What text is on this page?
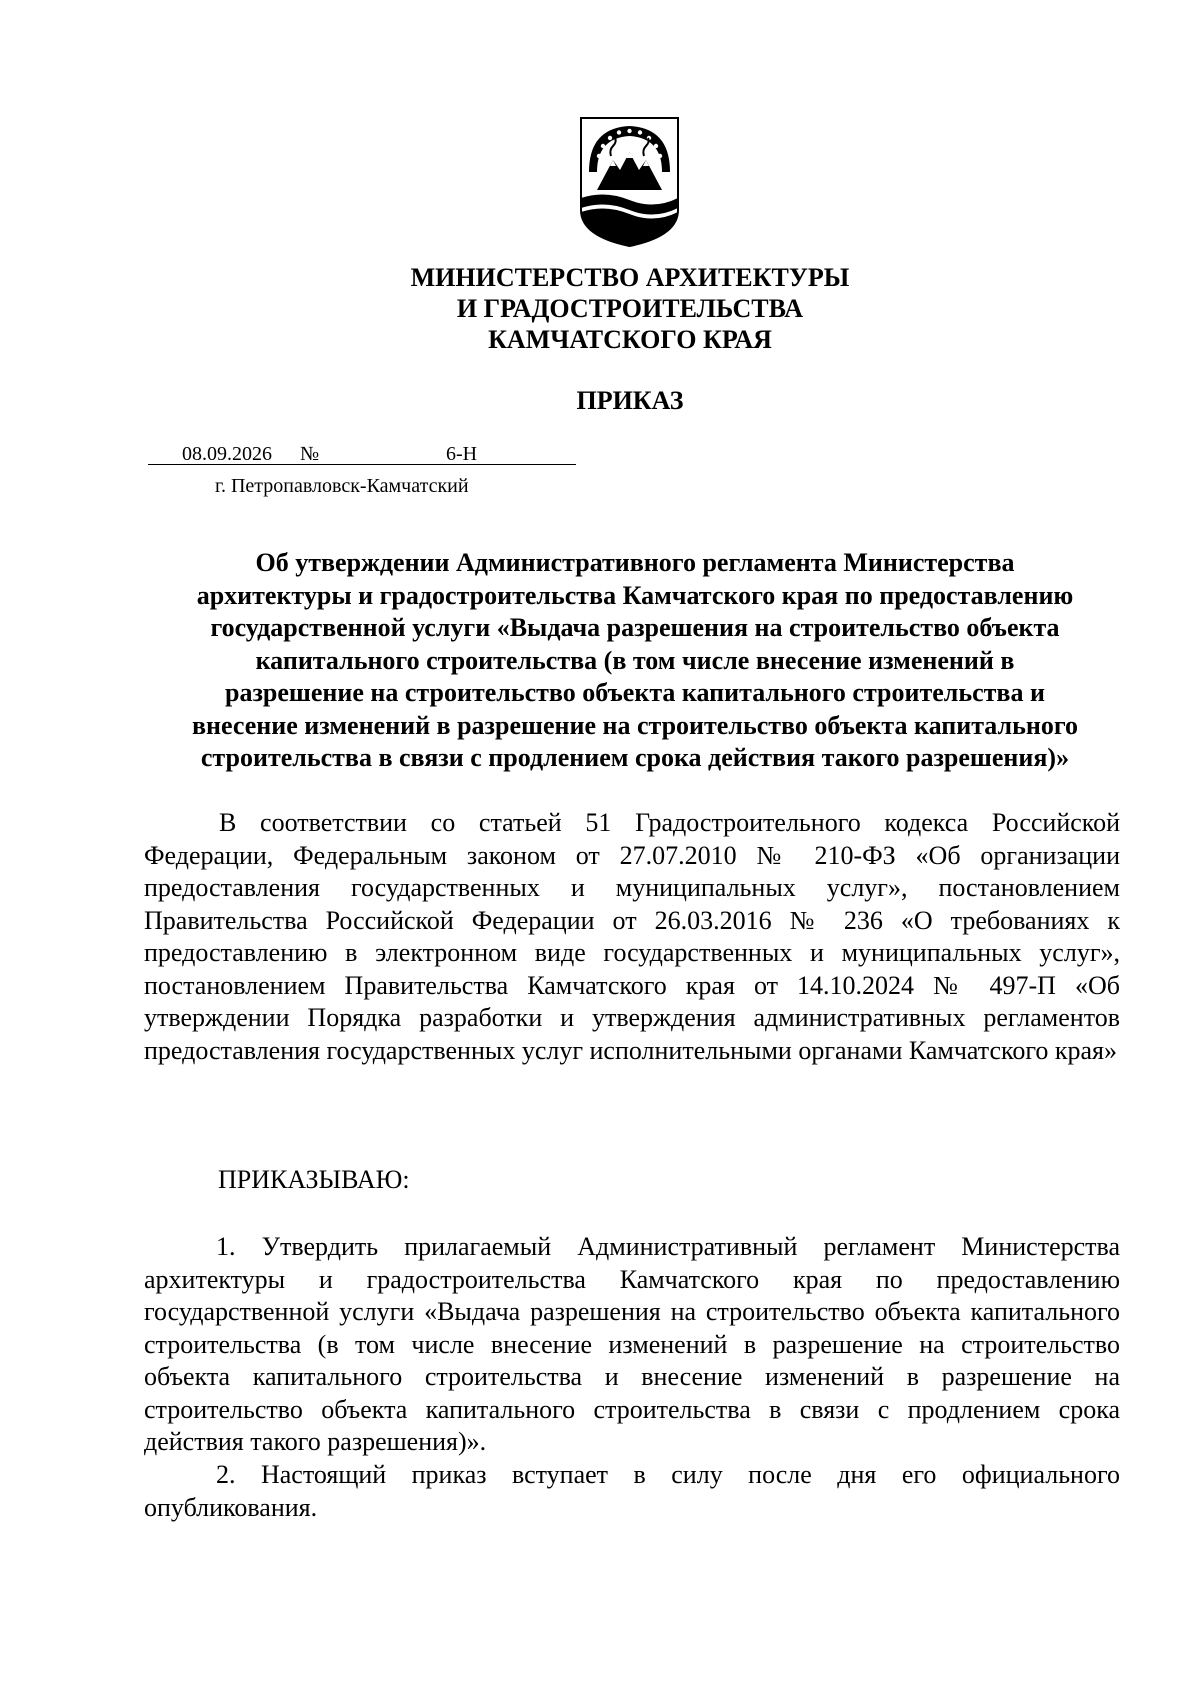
МИНИСТЕРСТВО АРХИТЕКТУРЫ
И ГРАДОСТРОИТЕЛЬСТВА
КАМЧАТСКОГО КРАЯ
ПРИКАЗ
08.09.2026 №	6-Н
г. Петропавловск-Камчатский
Об утверждении Административного регламента Министерства
архитектуры и градостроительства Камчатского края по предоставлению
государственной услуги «Выдача разрешения на строительство объекта
капитального строительства (в том числе внесение изменений в
разрешение на строительство объекта капитального строительства и
внесение изменений в разрешение на строительство объекта капитального
строительства в связи с продлением срока действия такого разрешения)»
В соответствии со статьей 51 Градостроительного кодекса Российской Федерации, Федеральным законом от 27.07.2010 № 210-ФЗ «Об организации предоставления государственных и муниципальных услуг», постановлением Правительства Российской Федерации от 26.03.2016 № 236 «О требованиях к предоставлению в электронном виде государственных и муниципальных услуг», постановлением Правительства Камчатского края от 14.10.2024 № 497-П «Об утверждении Порядка разработки и утверждения административных регламентов предоставления государственных услуг исполнительными органами Камчатского края»
ПРИКАЗЫВАЮ:
1. Утвердить прилагаемый Административный регламент Министерства архитектуры и градостроительства Камчатского края по предоставлению государственной услуги «Выдача разрешения на строительство объекта капитального строительства (в том числе внесение изменений в разрешение на строительство объекта капитального строительства и внесение изменений в разрешение на строительство объекта капитального строительства в связи с продлением срока действия такого разрешения)».
2. Настоящий приказ вступает в силу после дня его официального опубликования.
